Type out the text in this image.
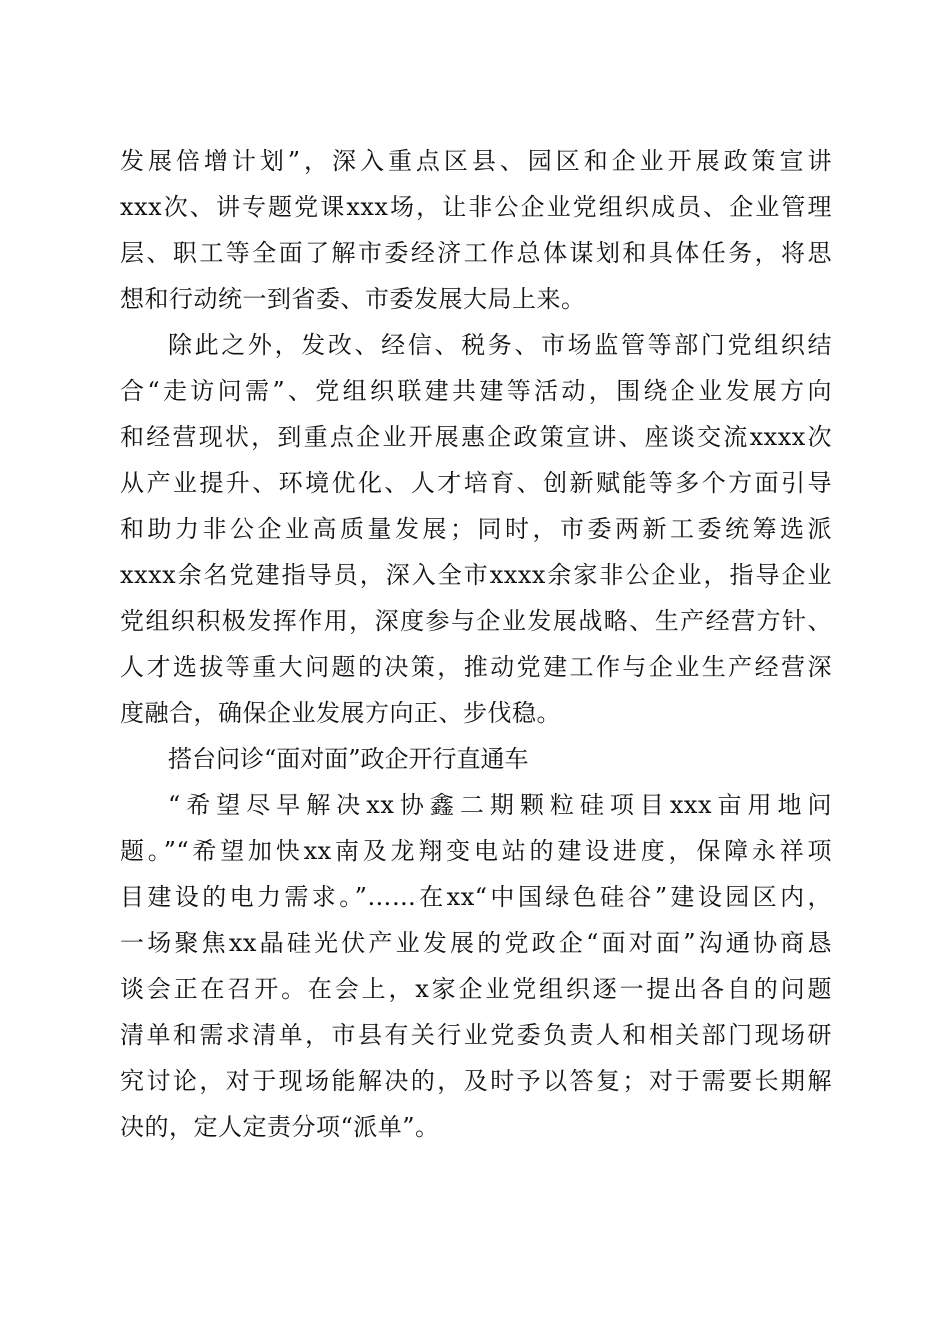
发展倍增计划”，深入重点区县、园区和企业开展政策宣讲
xxx次、讲专题党课xxx场，让非公企业党组织成员、企业管理
层、职工等全面了解市委经济工作总体谋划和具体任务，将思
想和行动统一到省委、市委发展大局上来。
除此之外，发改、经信、税务、市场监管等部门党组织结
合“走访问需”、党组织联建共建等活动，围绕企业发展方向
和经营现状，到重点企业开展惠企政策宣讲、座谈交流xxxx次
从产业提升、环境优化、人才培育、创新赋能等多个方面引导
和助力非公企业高质量发展；同时，市委两新工委统筹选派
xxxx余名党建指导员，深入全市xxxx余家非公企业，指导企业
党组织积极发挥作用，深度参与企业发展战略、生产经营方针、
人才选拔等重大问题的决策，推动党建工作与企业生产经营深
度融合，确保企业发展方向正、步伐稳。
搭台问诊“面对面”政企开行直通车
“希望尽早解决xx协鑫二期颗粒硅项目xxx亩用地问
题。”“希望加快xx南及龙翔变电站的建设进度，保障永祥项
目建设的电力需求。”……在xx“中国绿色硅谷”建设园区内，
一场聚焦xx晶硅光伏产业发展的党政企“面对面”沟通协商恳
谈会正在召开。在会上，x家企业党组织逐一提出各自的问题
清单和需求清单，市县有关行业党委负责人和相关部门现场研
究讨论，对于现场能解决的，及时予以答复；对于需要长期解
决的，定人定责分项“派单”。
